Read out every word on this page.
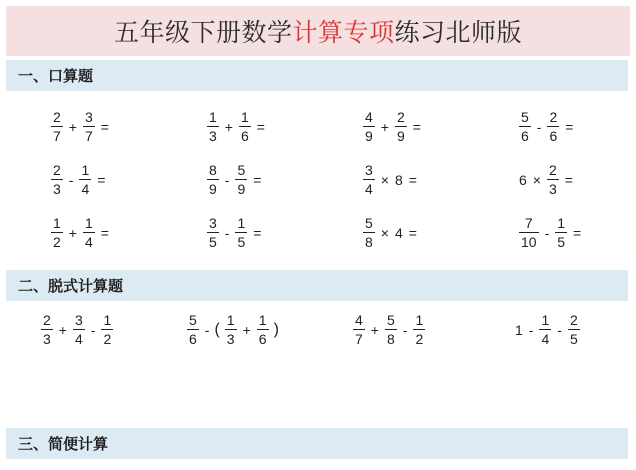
五年级下册数学 计算专项 练习北师版
一、口算题
$\frac{2}{7} + \frac{3}{7}$ =	$\frac{1}{3} + \frac{1}{6}$ =	$\frac{4}{9} + \frac{2}{9}$ =	$\frac{5}{6} - \frac{2}{6}$ =
$\frac{2}{3} - \frac{1}{4}$ =	$\frac{8}{9} - \frac{5}{9}$ =	$\frac{3}{4} \times 8$ =	$6 \times \frac{2}{3}$ =
$\frac{1}{2} + \frac{1}{4}$ =	$\frac{3}{5} - \frac{1}{5}$ =	$\frac{5}{8} \times 4$ =	$\frac{7}{10} - \frac{1}{5}$ =
二、脱式计算题
$\frac{2}{3} + \frac{3}{4} - \frac{1}{2}$	$\frac{5}{6}$ - ( $\frac{1}{3} + \frac{1}{6}$ )	$\frac{4}{7} + \frac{5}{8} - \frac{1}{2}$	$1 - \frac{1}{4} - \frac{2}{5}$
三、简便计算
